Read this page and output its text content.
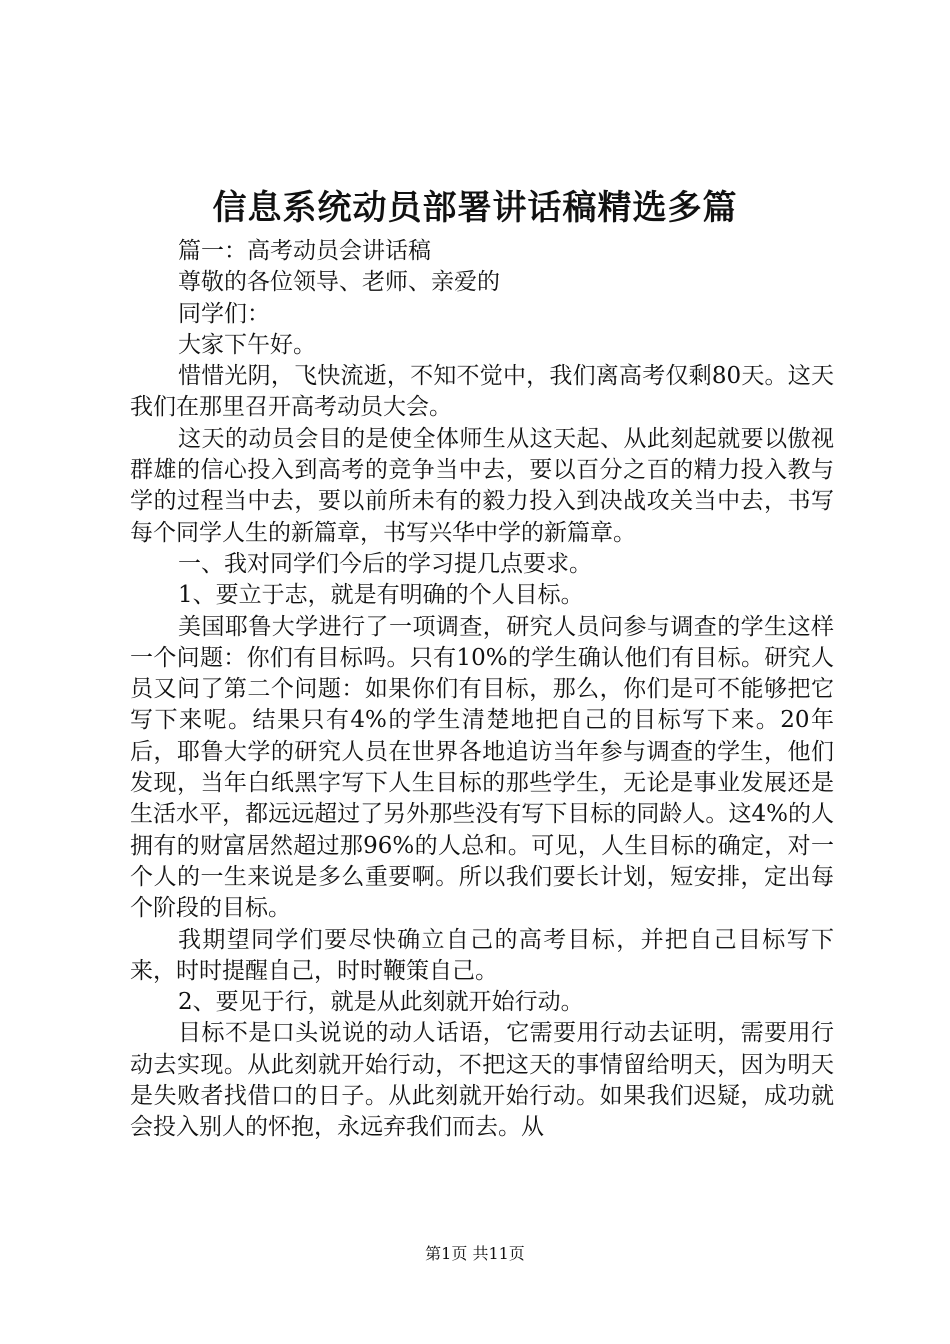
信息系统动员部署讲话稿精选多篇

篇一：高考动员会讲话稿

尊敬的各位领导、老师、亲爱的

同学们：

大家下午好。

惜惜光阴，飞快流逝，不知不觉中，我们离高考仅剩80天。这天我们在那里召开高考动员大会。

这天的动员会目的是使全体师生从这天起、从此刻起就要以傲视群雄的信心投入到高考的竞争当中去，要以百分之百的精力投入教与学的过程当中去，要以前所未有的毅力投入到决战攻关当中去，书写每个同学人生的新篇章，书写兴华中学的新篇章。

一、我对同学们今后的学习提几点要求。

1、要立于志，就是有明确的个人目标。

美国耶鲁大学进行了一项调查，研究人员问参与调查的学生这样一个问题：你们有目标吗。只有10%的学生确认他们有目标。研究人员又问了第二个问题：如果你们有目标，那么，你们是可不能够把它写下来呢。结果只有4%的学生清楚地把自己的目标写下来。20年后，耶鲁大学的研究人员在世界各地追访当年参与调查的学生，他们发现，当年白纸黑字写下人生目标的那些学生，无论是事业发展还是生活水平，都远远超过了另外那些没有写下目标的同龄人。这4%的人拥有的财富居然超过那96%的人总和。可见，人生目标的确定，对一个人的一生来说是多么重要啊。所以我们要长计划，短安排，定出每个阶段的目标。

我期望同学们要尽快确立自己的高考目标，并把自己目标写下来，时时提醒自己，时时鞭策自己。

2、要见于行，就是从此刻就开始行动。

目标不是口头说说的动人话语，它需要用行动去证明，需要用行动去实现。从此刻就开始行动，不把这天的事情留给明天，因为明天是失败者找借口的日子。从此刻就开始行动。如果我们迟疑，成功就会投入别人的怀抱，永远弃我们而去。从

第1页 共11页
